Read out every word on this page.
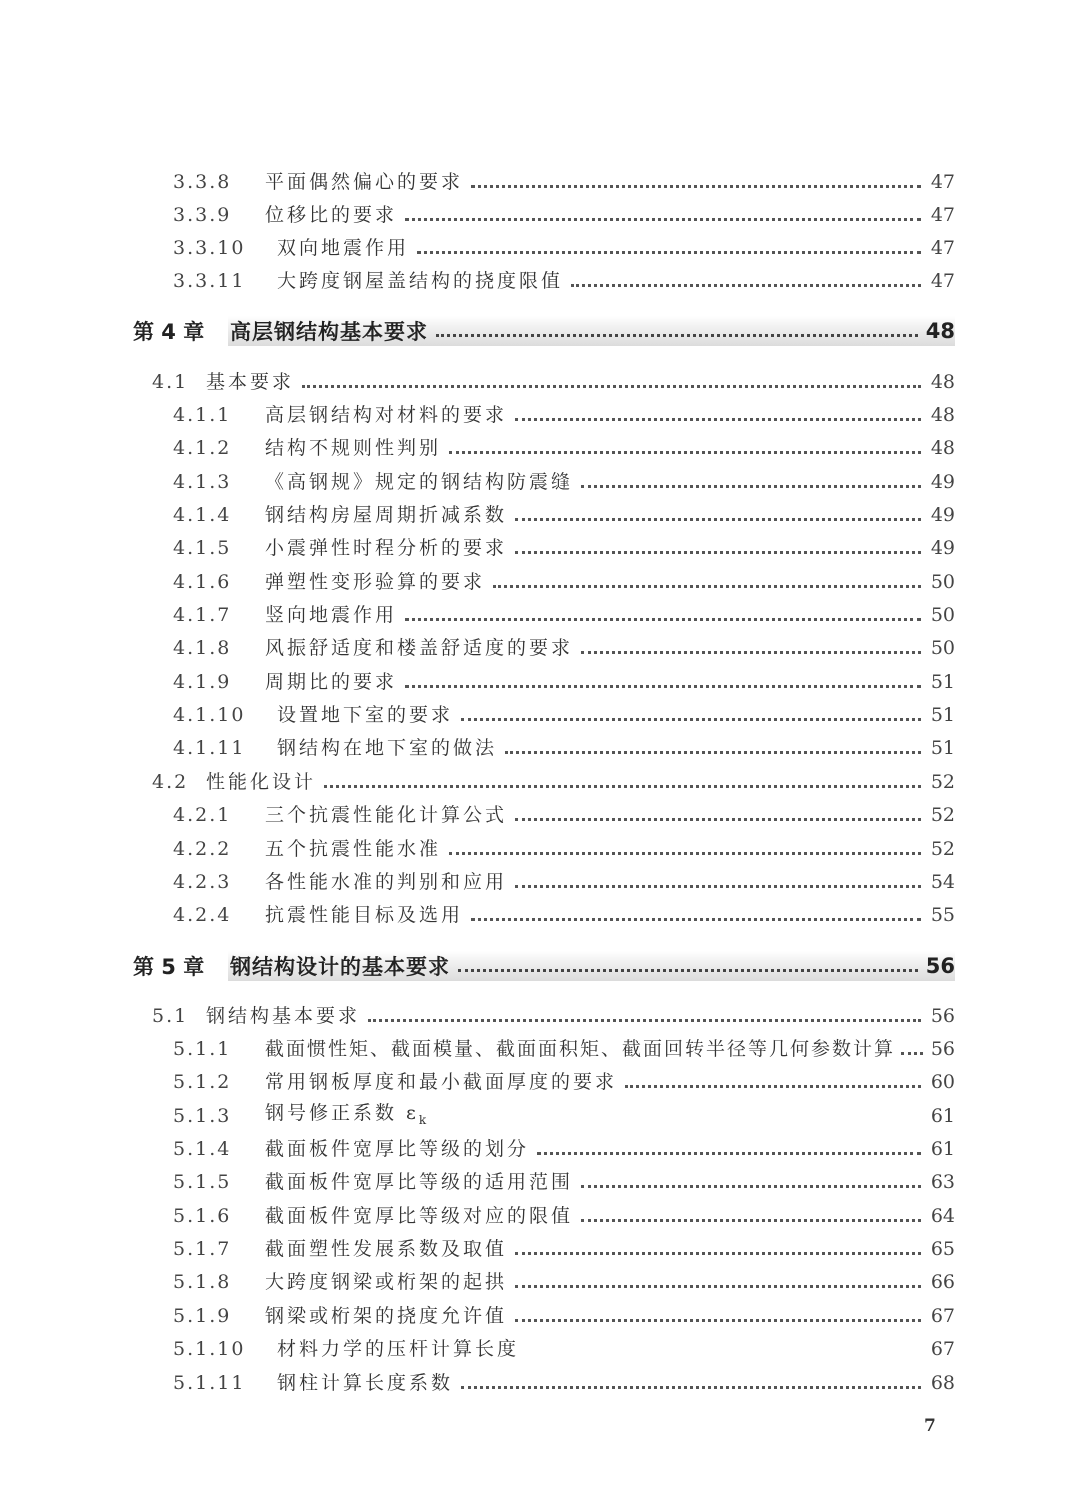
3.3.8	平面偶然偏心的要求	47
3.3.9	位移比的要求	47
3.3.10	双向地震作用	47
3.3.11	大跨度钢屋盖结构的挠度限值	47
第 4 章	高层钢结构基本要求	48
4.1 基本要求	48
4.1.1	高层钢结构对材料的要求	48
4.1.2	结构不规则性判别	48
4.1.3	《高钢规》规定的钢结构防震缝	49
4.1.4	钢结构房屋周期折减系数	49
4.1.5	小震弹性时程分析的要求	49
4.1.6	弹塑性变形验算的要求	50
4.1.7	竖向地震作用	50
4.1.8	风振舒适度和楼盖舒适度的要求	50
4.1.9	周期比的要求	51
4.1.10	设置地下室的要求	51
4.1.11	钢结构在地下室的做法	51
4.2 性能化设计	52
4.2.1	三个抗震性能化计算公式	52
4.2.2	五个抗震性能水准	52
4.2.3	各性能水准的判别和应用	54
4.2.4	抗震性能目标及选用	55
第 5 章	钢结构设计的基本要求	56
5.1 钢结构基本要求	56
5.1.1	截面惯性矩、截面模量、截面面积矩、截面回转半径等几何参数计算 56
5.1.2	常用钢板厚度和最小截面厚度的要求	60
5.1.3	钢号修正系数 $\varepsilon_k$	61
5.1.4	截面板件宽厚比等级的划分	61
5.1.5	截面板件宽厚比等级的适用范围	63
5.1.6	截面板件宽厚比等级对应的限值	64
5.1.7	截面塑性发展系数及取值	65
5.1.8	大跨度钢梁或桁架的起拱	66
5.1.9	钢梁或桁架的挠度允许值	67
5.1.10	材料力学的压杆计算长度	67
5.1.11	钢柱计算长度系数	68
7
